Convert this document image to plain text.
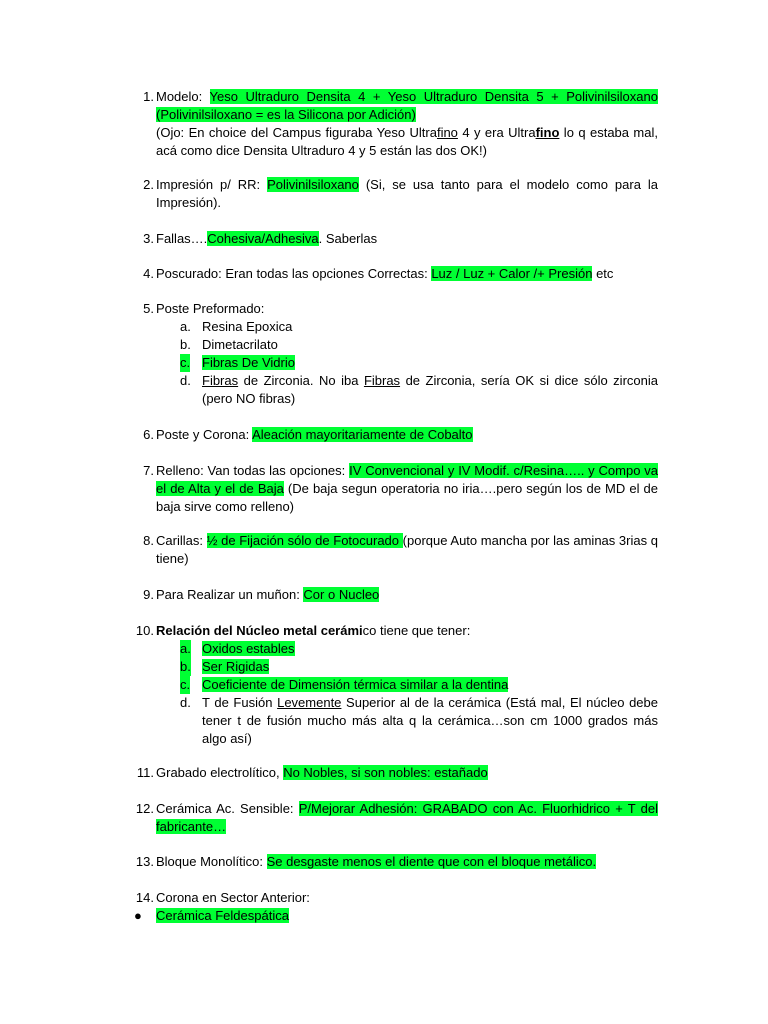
1. Modelo: Yeso Ultraduro Densita 4 + Yeso Ultraduro Densita 5 + Polivinilsiloxano (Polivinilsiloxano = es la Silicona por Adición)
(Ojo: En choice del Campus figuraba Yeso Ultrafino 4 y era Ultrafino lo q estaba mal, acá como dice Densita Ultraduro 4 y 5 están las dos OK!)
2. Impresión p/ RR: Polivinilsiloxano (Si, se usa tanto para el modelo como para la Impresión).
3. Fallas….Cohesiva/Adhesiva. Saberlas
4. Poscurado: Eran todas las opciones Correctas: Luz / Luz + Calor /+ Presión etc
5. Poste Preformado:
a. Resina Epoxica
b. Dimetacrilato
c. Fibras De Vidrio
d. Fibras de Zirconia. No iba Fibras de Zirconia, sería OK si dice sólo zirconia (pero NO fibras)
6. Poste y Corona: Aleación mayoritariamente de Cobalto
7. Relleno: Van todas las opciones: IV Convencional y IV Modif. c/Resina….. y Compo va el de Alta y el de Baja (De baja segun operatoria no iria….pero según los de MD el de baja sirve como relleno)
8. Carillas: ½ de Fijación sólo de Fotocurado (porque Auto mancha por las aminas 3rias q tiene)
9. Para Realizar un muñon: Cor o Nucleo
10. Relación del Núcleo metal cerámico tiene que tener:
a. Oxidos estables
b. Ser Rigidas
c. Coeficiente de Dimensión térmica similar a la dentina
d. T de Fusión Levemente Superior al de la cerámica (Está mal, El núcleo debe tener t de fusión mucho más alta q la cerámica…son cm 1000 grados más algo así)
11. Grabado electrolítico, No Nobles, si son nobles: estañado
12. Cerámica Ac. Sensible: P/Mejorar Adhesión: GRABADO con Ac. Fluorhidrico + T del fabricante…
13. Bloque Monolítico: Se desgaste menos el diente que con el bloque metálico.
14. Corona en Sector Anterior:
● Cerámica Feldespática
